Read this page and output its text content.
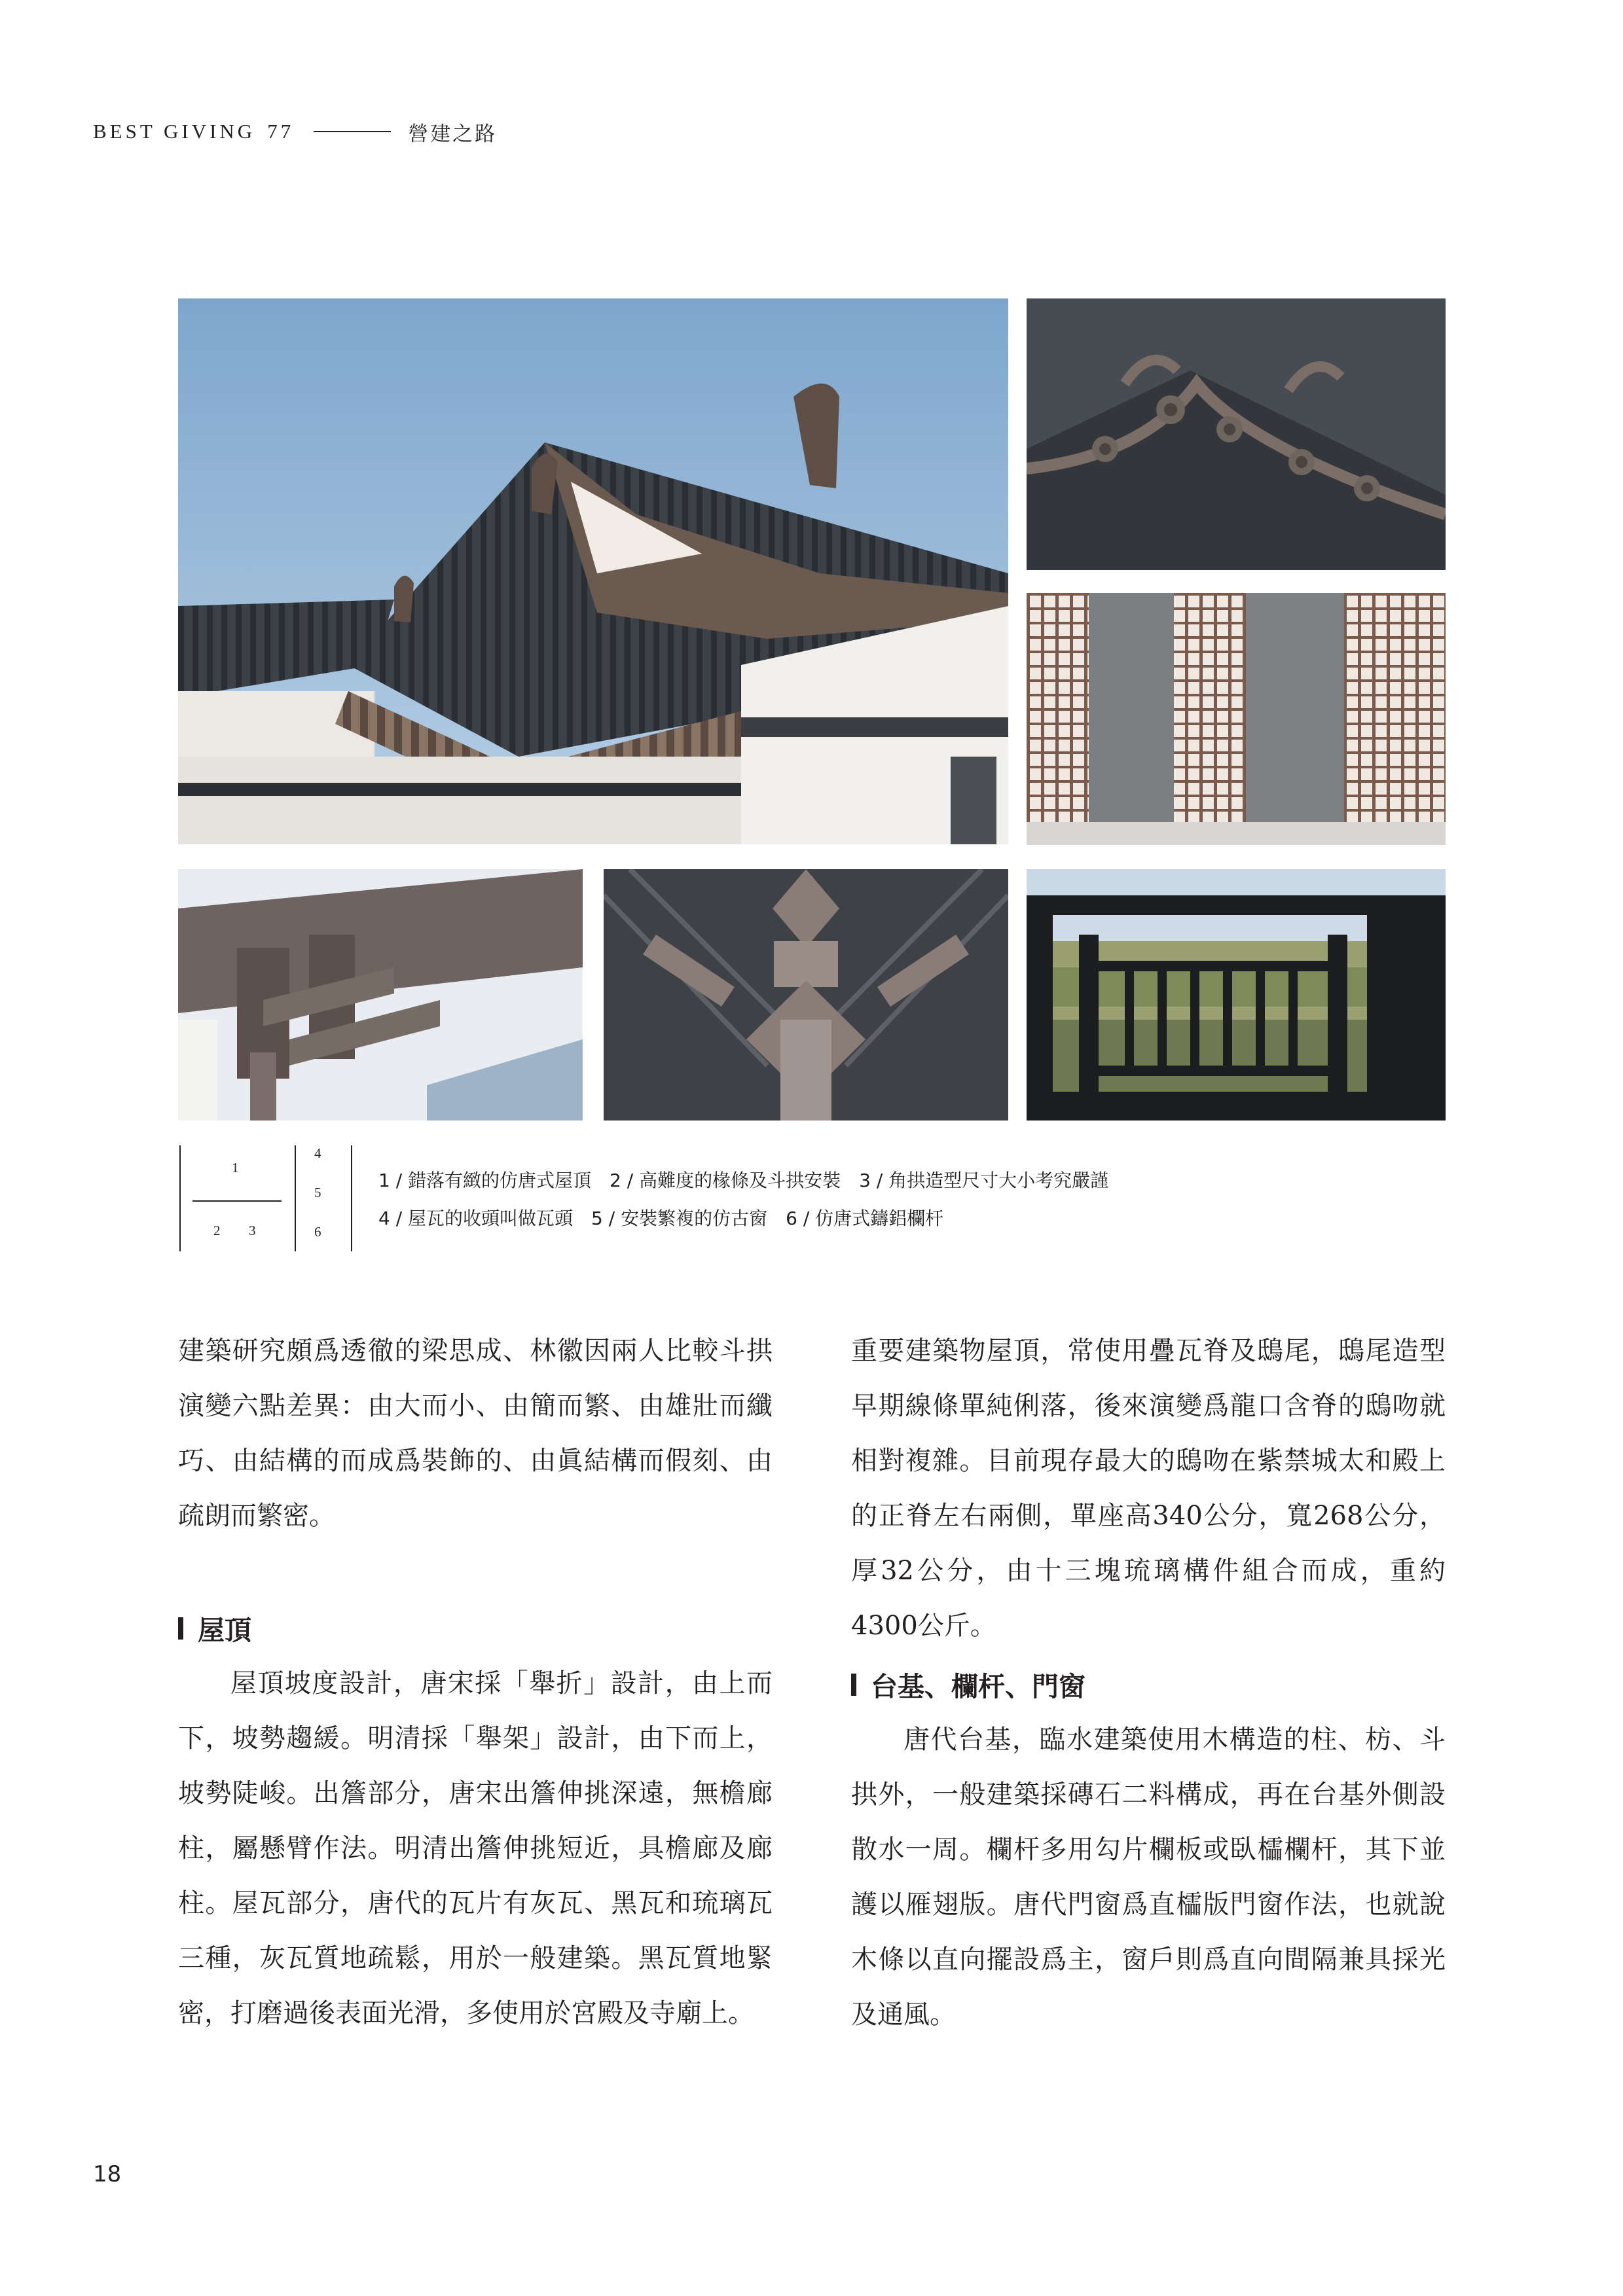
BEST GIVING 77	營建之路
1
2 3
4
5
6
1 / 錯落有緻的仿唐式屋頂　2 / 高難度的椽條及斗拱安裝　3 / 角拱造型尺寸大小考究嚴謹
4 / 屋瓦的收頭叫做瓦頭　5 / 安裝繁複的仿古窗　6 / 仿唐式鑄鋁欄杆

建築研究頗爲透徹的梁思成、林徽因兩人比較斗拱演變六點差異：由大而小、由簡而繁、由雄壯而纖巧、由結構的而成爲裝飾的、由眞結構而假刻、由疏朗而繁密。

屋頂

屋頂坡度設計，唐宋採「舉折」設計，由上而下，坡勢趨緩。明清採「舉架」設計，由下而上，坡勢陡峻。出簷部分，唐宋出簷伸挑深遠，無檐廊柱，屬懸臂作法。明清出簷伸挑短近，具檐廊及廊柱。屋瓦部分，唐代的瓦片有灰瓦、黑瓦和琉璃瓦三種，灰瓦質地疏鬆，用於一般建築。黑瓦質地緊密，打磨過後表面光滑，多使用於宮殿及寺廟上。

重要建築物屋頂，常使用疊瓦脊及鴟尾，鴟尾造型早期線條單純俐落，後來演變爲龍口含脊的鴟吻就相對複雜。目前現存最大的鴟吻在紫禁城太和殿上的正脊左右兩側，單座高340公分，寬268公分，厚32公分，由十三塊琉璃構件組合而成，重約4300公斤。

台基、欄杆、門窗

唐代台基，臨水建築使用木構造的柱、枋、斗拱外，一般建築採磚石二料構成，再在台基外側設散水一周。欄杆多用勾片欄板或臥櫺欄杆，其下並護以雁翅版。唐代門窗爲直櫺版門窗作法，也就說木條以直向擺設爲主，窗戶則爲直向間隔兼具採光及通風。

18
